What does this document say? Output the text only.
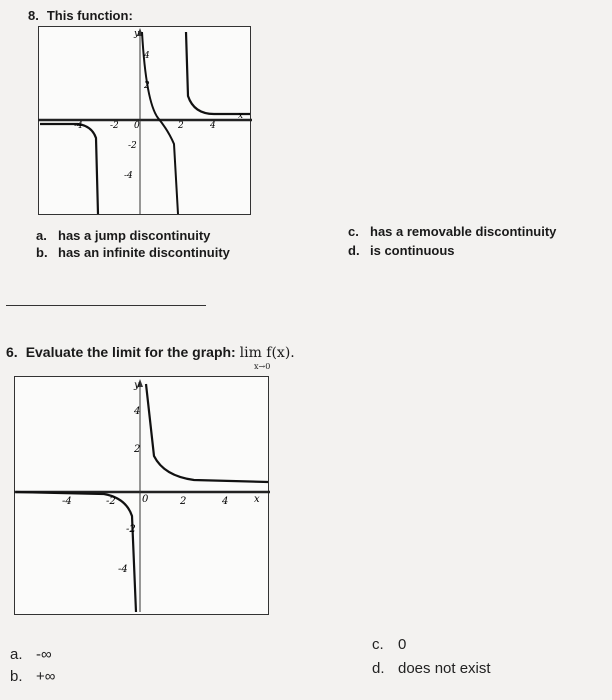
8. This function:
y
x
-4	-2 0	2	4
4
2
-2
-4
a. has a jump discontinuity
b. has an infinite discontinuity
c. has a removable discontinuity
d. is continuous
6. Evaluate the limit for the graph: lim f(x).
x→0
y
x
-4	-2	0	2	4
4
2
-2
-4
a. -∞
b. +∞
c. 0
d. does not exist
